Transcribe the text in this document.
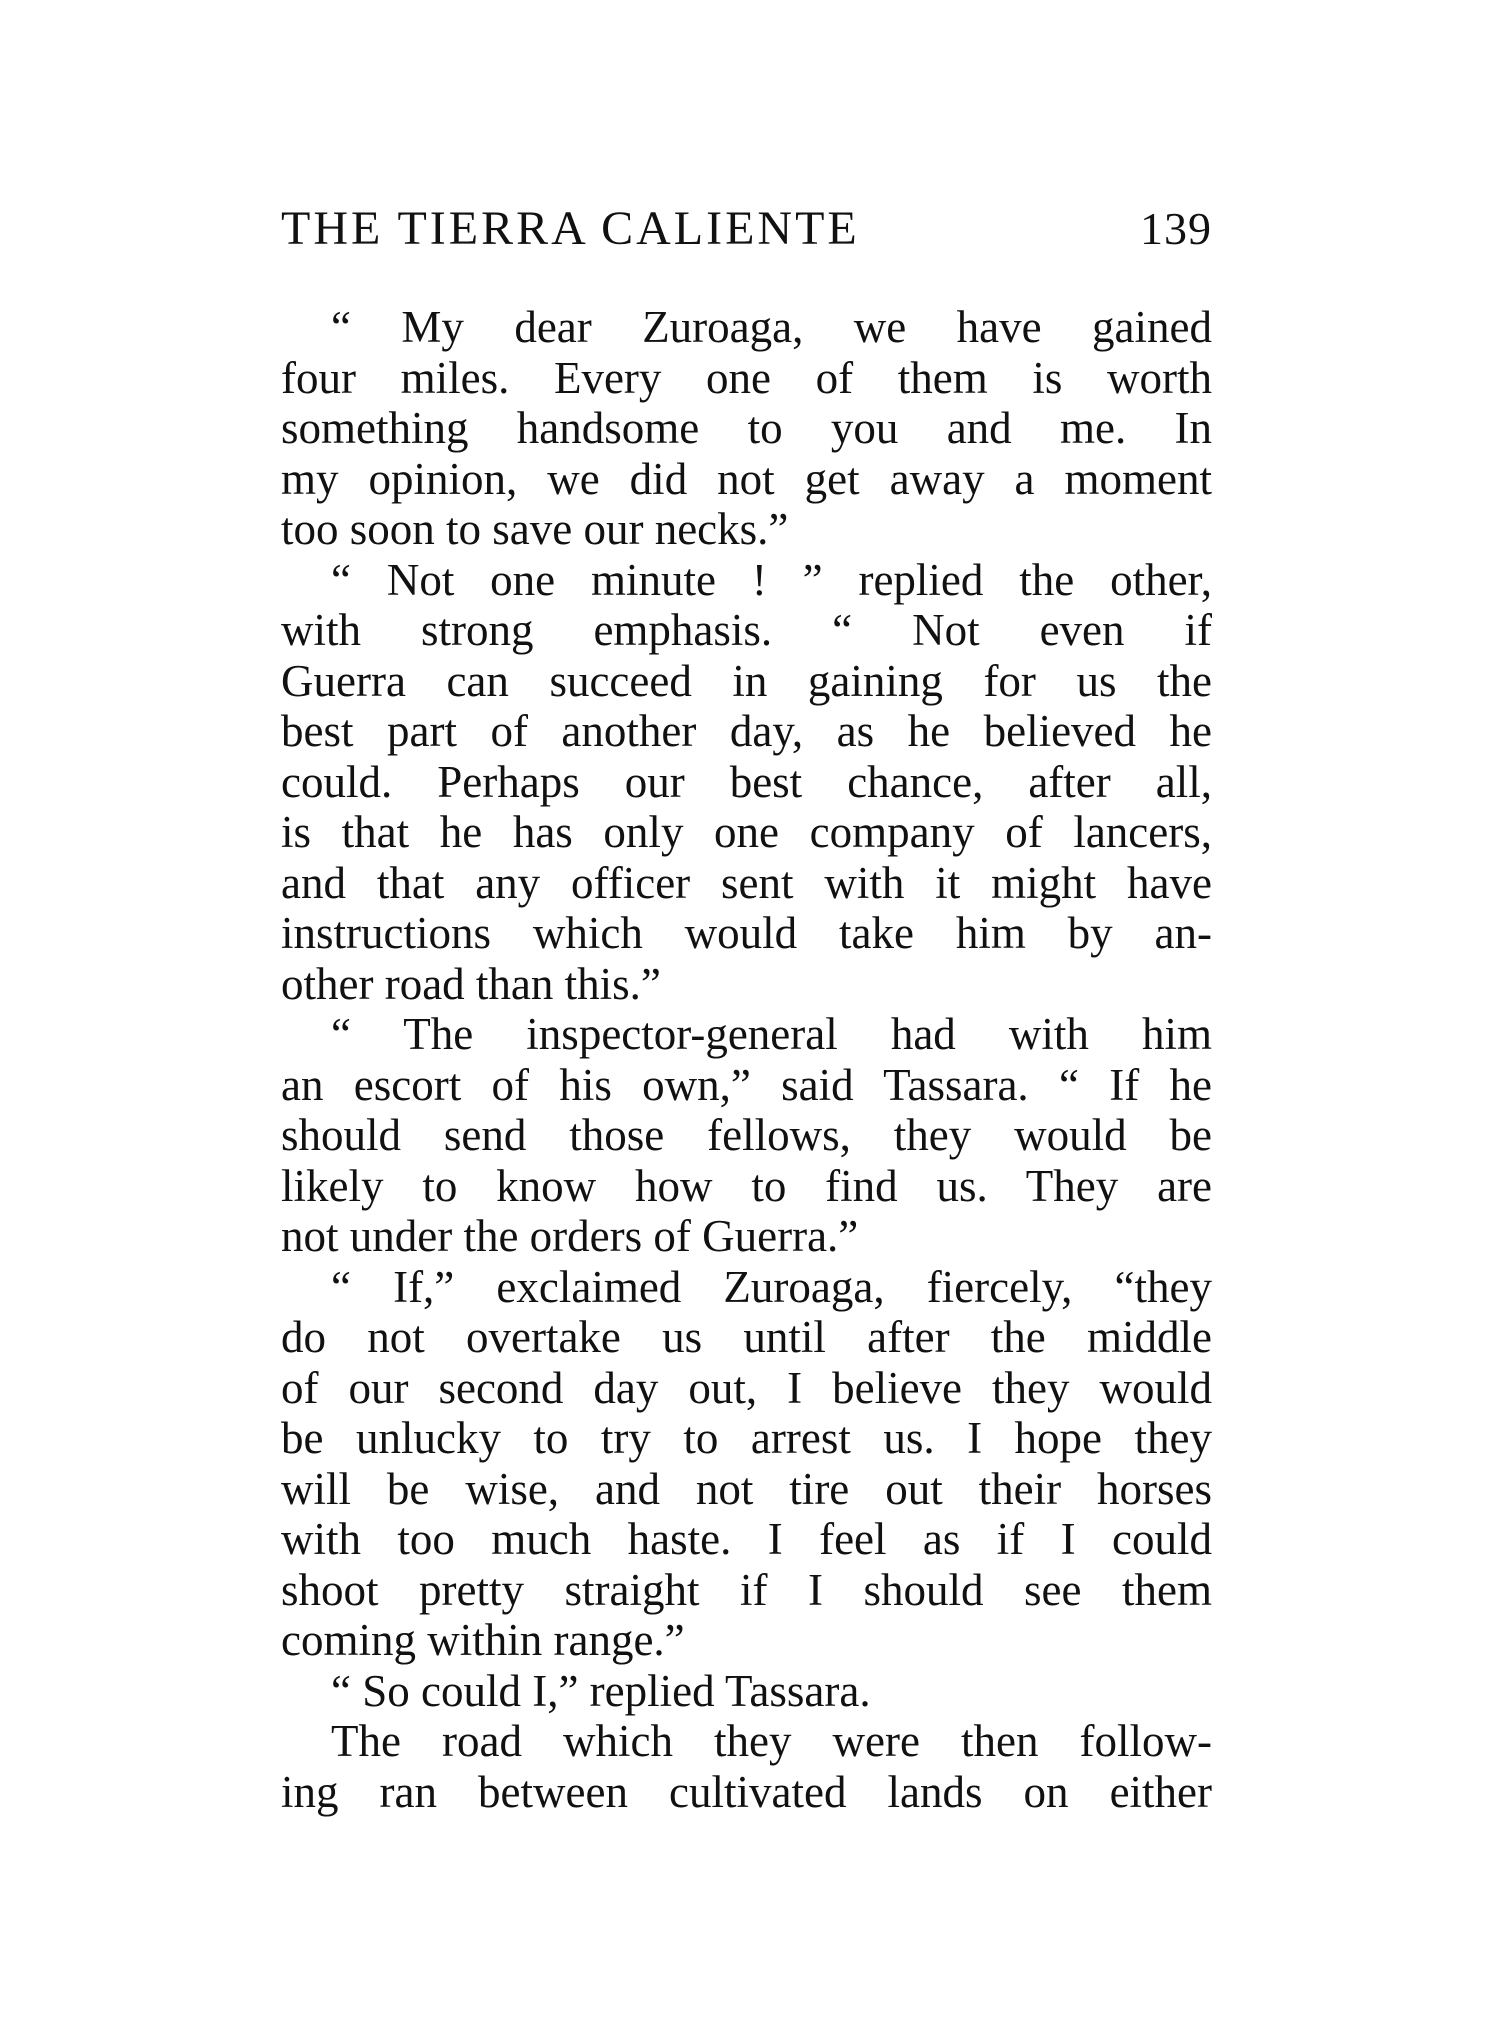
THE TIERRA CALIENTE	139
“ My dear Zuroaga, we have gained
four miles. Every one of them is worth
something handsome to you and me. In
my opinion, we did not get away a moment
too soon to save our necks.”
“ Not one minute ! ” replied the other,
with strong emphasis. “ Not even if
Guerra can succeed in gaining for us the
best part of another day, as he believed he
could. Perhaps our best chance, after all,
is that he has only one company of lancers,
and that any officer sent with it might have
instructions which would take him by an-
other road than this.”
“ The inspector-general had with him
an escort of his own,” said Tassara. “ If he
should send those fellows, they would be
likely to know how to find us. They are
not under the orders of Guerra.”
“ If,” exclaimed Zuroaga, fiercely, “they
do not overtake us until after the middle
of our second day out, I believe they would
be unlucky to try to arrest us. I hope they
will be wise, and not tire out their horses
with too much haste. I feel as if I could
shoot pretty straight if I should see them
coming within range.”
“ So could I,” replied Tassara.
The road which they were then follow-
ing ran between cultivated lands on either
